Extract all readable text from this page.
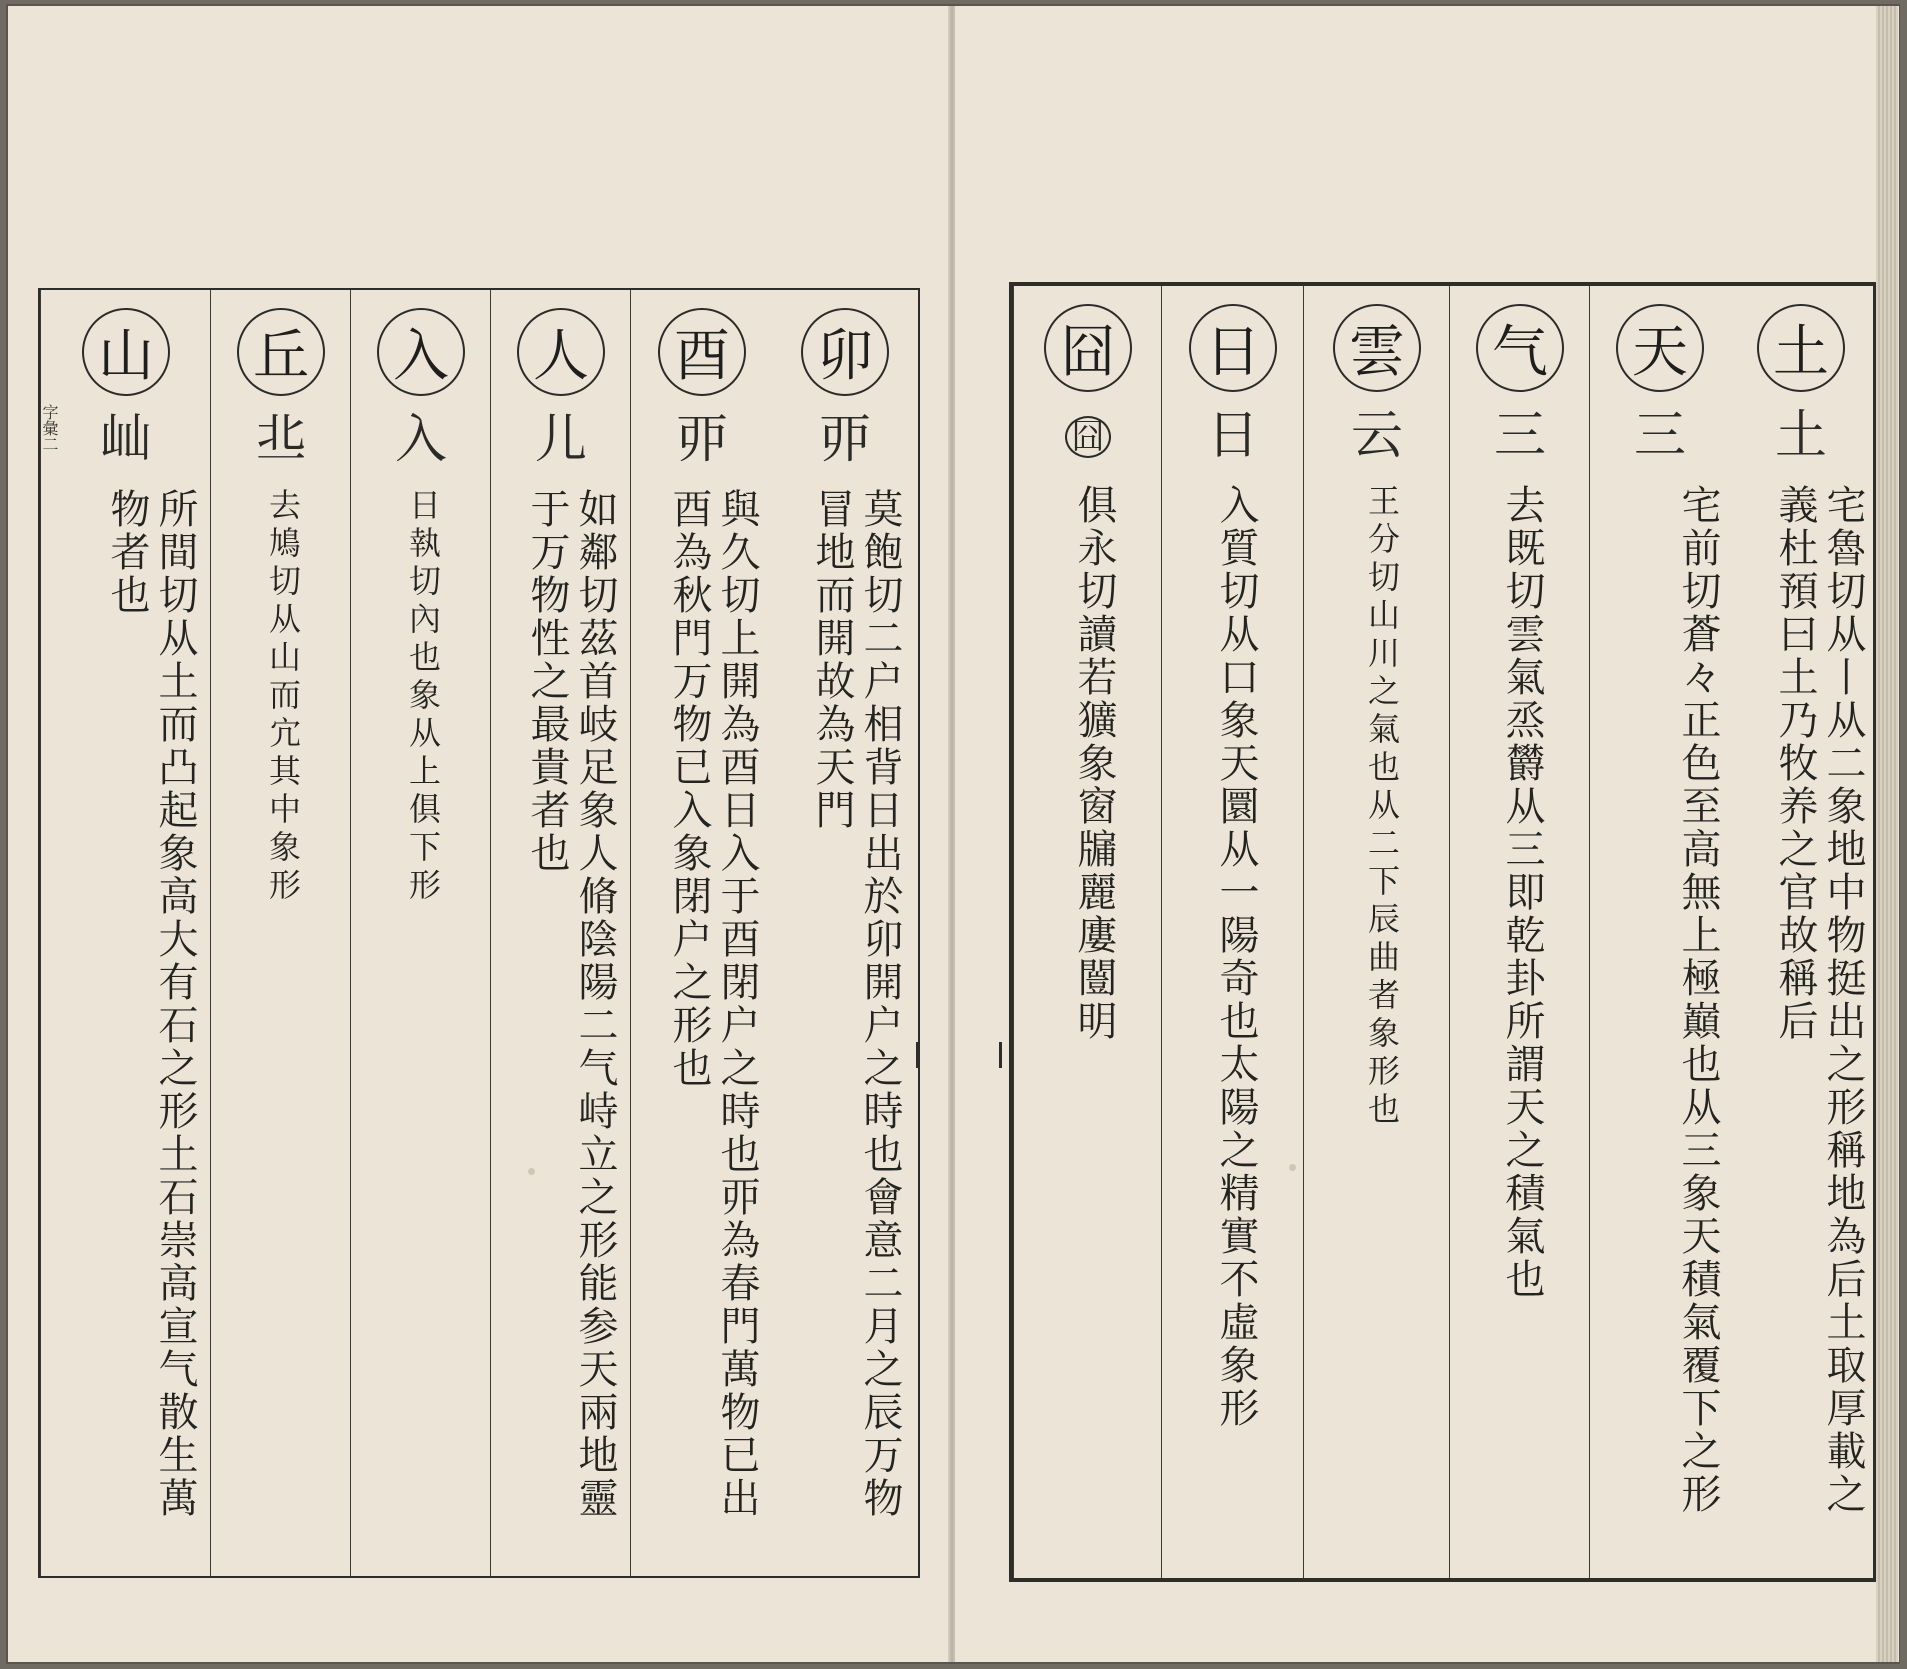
字彙二
卯
丣
莫飽切二户相背日出於卯開户之時也會意二月之辰万物冒地而開故為天門
酉
丣
與久切上開為酉日入于酉閉户之時也丣為春門萬物已出酉為秋門万物已入象閉户之形也
人
儿
如鄰切茲首岐足象人脩陰陽二气峙立之形能参天兩地靈于万物性之最貴者也
入
入
日執切內也象从上俱下形
丘
丠
去鳩切从山而宂其中象形
山
屾
所間切从土而凸起象高大有石之形土石崇高宣气散生萬物者也
土
土
宅魯切从丨从二象地中物挺出之形稱地為后土取厚載之義杜預曰土乃牧养之官故稱后
天
三
宅前切蒼々正色至高無上極巔也从三象天積氣覆下之形
气
三
去既切雲氣烝欝从三即乾卦所謂天之積氣也
雲
云
王分切山川之氣也从二下辰曲者象形也
日
日
入質切从口象天圜从一陽奇也太陽之精實不虛象形
囧
囧
俱永切讀若獷象窗牖麗廔闓明
